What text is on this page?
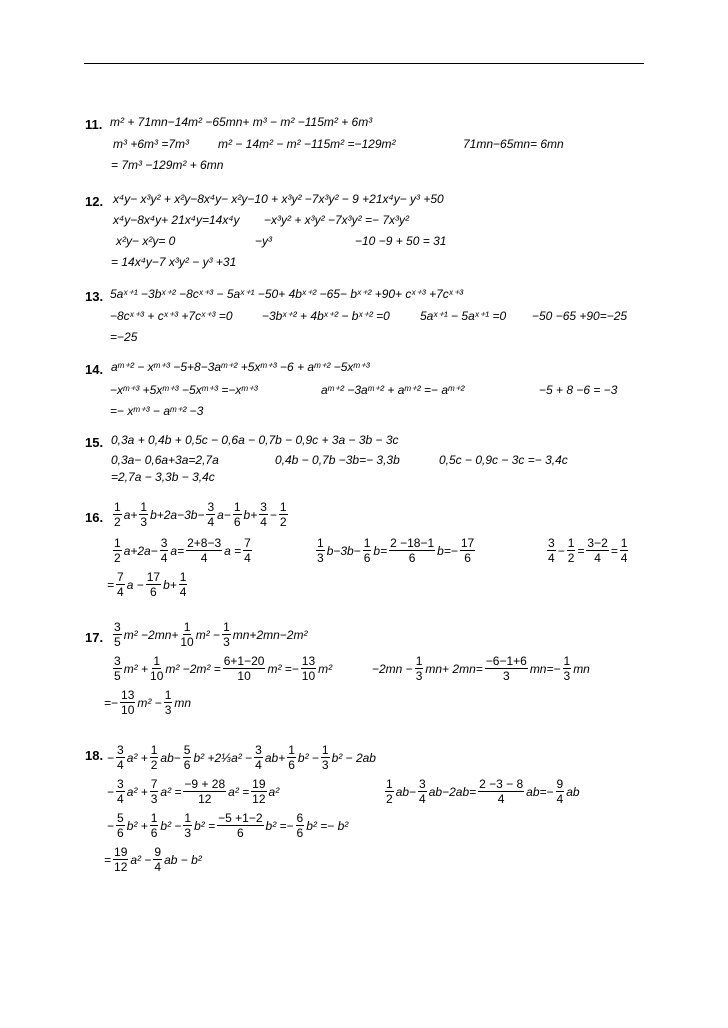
11. m² + 71mn−14m² −65mn+ m³ − m² −115m² + 6m³
m³ +6m³ =7m³ m² − 14m² − m² −115m² =−129m²	71mn−65mn= 6mn
= 7m³ −129m² + 6mn
12. x⁴y− x³y² + x²y−8x⁴y− x²y−10 + x³y² −7x³y² − 9 +21x⁴y− y³ +50
x⁴y−8x⁴y+ 21x⁴y=14x⁴y −x³y² + x³y² −7x³y² =− 7x³y²
x²y− x²y= 0	−y³	−10 −9 + 50 = 31
= 14x⁴y−7 x³y² − y³ +31
13. 5aˣ⁺¹ −3bˣ⁺² −8cˣ⁺³ − 5aˣ⁺¹ −50+ 4bˣ⁺² −65− bˣ⁺² +90+ cˣ⁺³ +7cˣ⁺³
−8cˣ⁺³ + cˣ⁺³ +7cˣ⁺³ =0 −3bˣ⁺² + 4bˣ⁺² − bˣ⁺² =0	5aˣ⁺¹ − 5aˣ⁺¹ =0 −50 −65 +90=−25
=−25
14. aᵐ⁺² − xᵐ⁺³ −5+8−3aᵐ⁺² +5xᵐ⁺³ −6 + aᵐ⁺² −5xᵐ⁺³
−xᵐ⁺³ +5xᵐ⁺³ −5xᵐ⁺³ =−xᵐ⁺³	aᵐ⁺² −3aᵐ⁺² + aᵐ⁺² =− aᵐ⁺²	−5 + 8 −6 = −3
=− xᵐ⁺³ − aᵐ⁺² −3
15. 0,3a + 0,4b + 0,5c − 0,6a − 0,7b − 0,9c + 3a − 3b − 3c
0,3a− 0,6a+3a=2,7a	0,4b − 0,7b −3b=− 3,3b	0,5c − 0,9c − 3c =− 3,4c
=2,7a − 3,3b − 3,4c
16. $\frac{1}{2} a+ \frac{1}{3} b+2a-3b- \frac{3}{4} a- \frac{1}{6} b+ \frac{3}{4} - \frac{1}{2}$
$\frac{1}{2} a+2a- \frac{3}{4} a= \frac{2+8-3}{4}$ $a = \frac{7}{4}$	$\frac{1}{3} b-3b- \frac{1}{6} b= \frac{2 -18-1}{6} b=- \frac{17}{6}$	$\frac{3}{4} - \frac{1}{2} = \frac{3-2}{4} = \frac{1}{4}$
= $\frac{7}{4}$ $a - \frac{17}{6} b+ \frac{1}{4}$
17. $\frac{3}{5} m^2 -2mn+ \frac{1}{10} m^2 - \frac{1}{3} mn+2mn-2m^2$
$\frac{3}{5} m^2 + \frac{1}{10} m^2 -2m^2 = \frac{6+1-20}{10} m^2 =- \frac{13}{10} m^2$	$-2mn - \frac{1}{3} mn+ 2mn= \frac{-6-1+6}{3} mn=- \frac{1}{3}$ mn
=− $\frac{13}{10} m^2 - \frac{1}{3}$ mn
18. − $\frac{3}{4} a^2 + \frac{1}{2} ab- \frac{5}{6} b^2$ +2⅓a² − $\frac{3}{4} ab+ \frac{1}{6} b^2 - \frac{1}{3} b^2 - 2ab$
− $\frac{3}{4} a^2 + \frac{7}{3} a^2 = \frac{-9 + 28}{12} a^2 = \frac{19}{12} a^2$	$\frac{1}{2} ab- \frac{3}{4} ab-2ab= \frac{2 -3 - 8}{4} ab=- \frac{9}{4}$ ab
− $\frac{5}{6} b^2 + \frac{1}{6} b^2 - \frac{1}{3} b^2 = \frac{-5 +1-2}{6} b^2 =- \frac{6}{6} b^2 =- b^2$
= $\frac{19}{12} a^2 - \frac{9}{4}$ ab − b²
